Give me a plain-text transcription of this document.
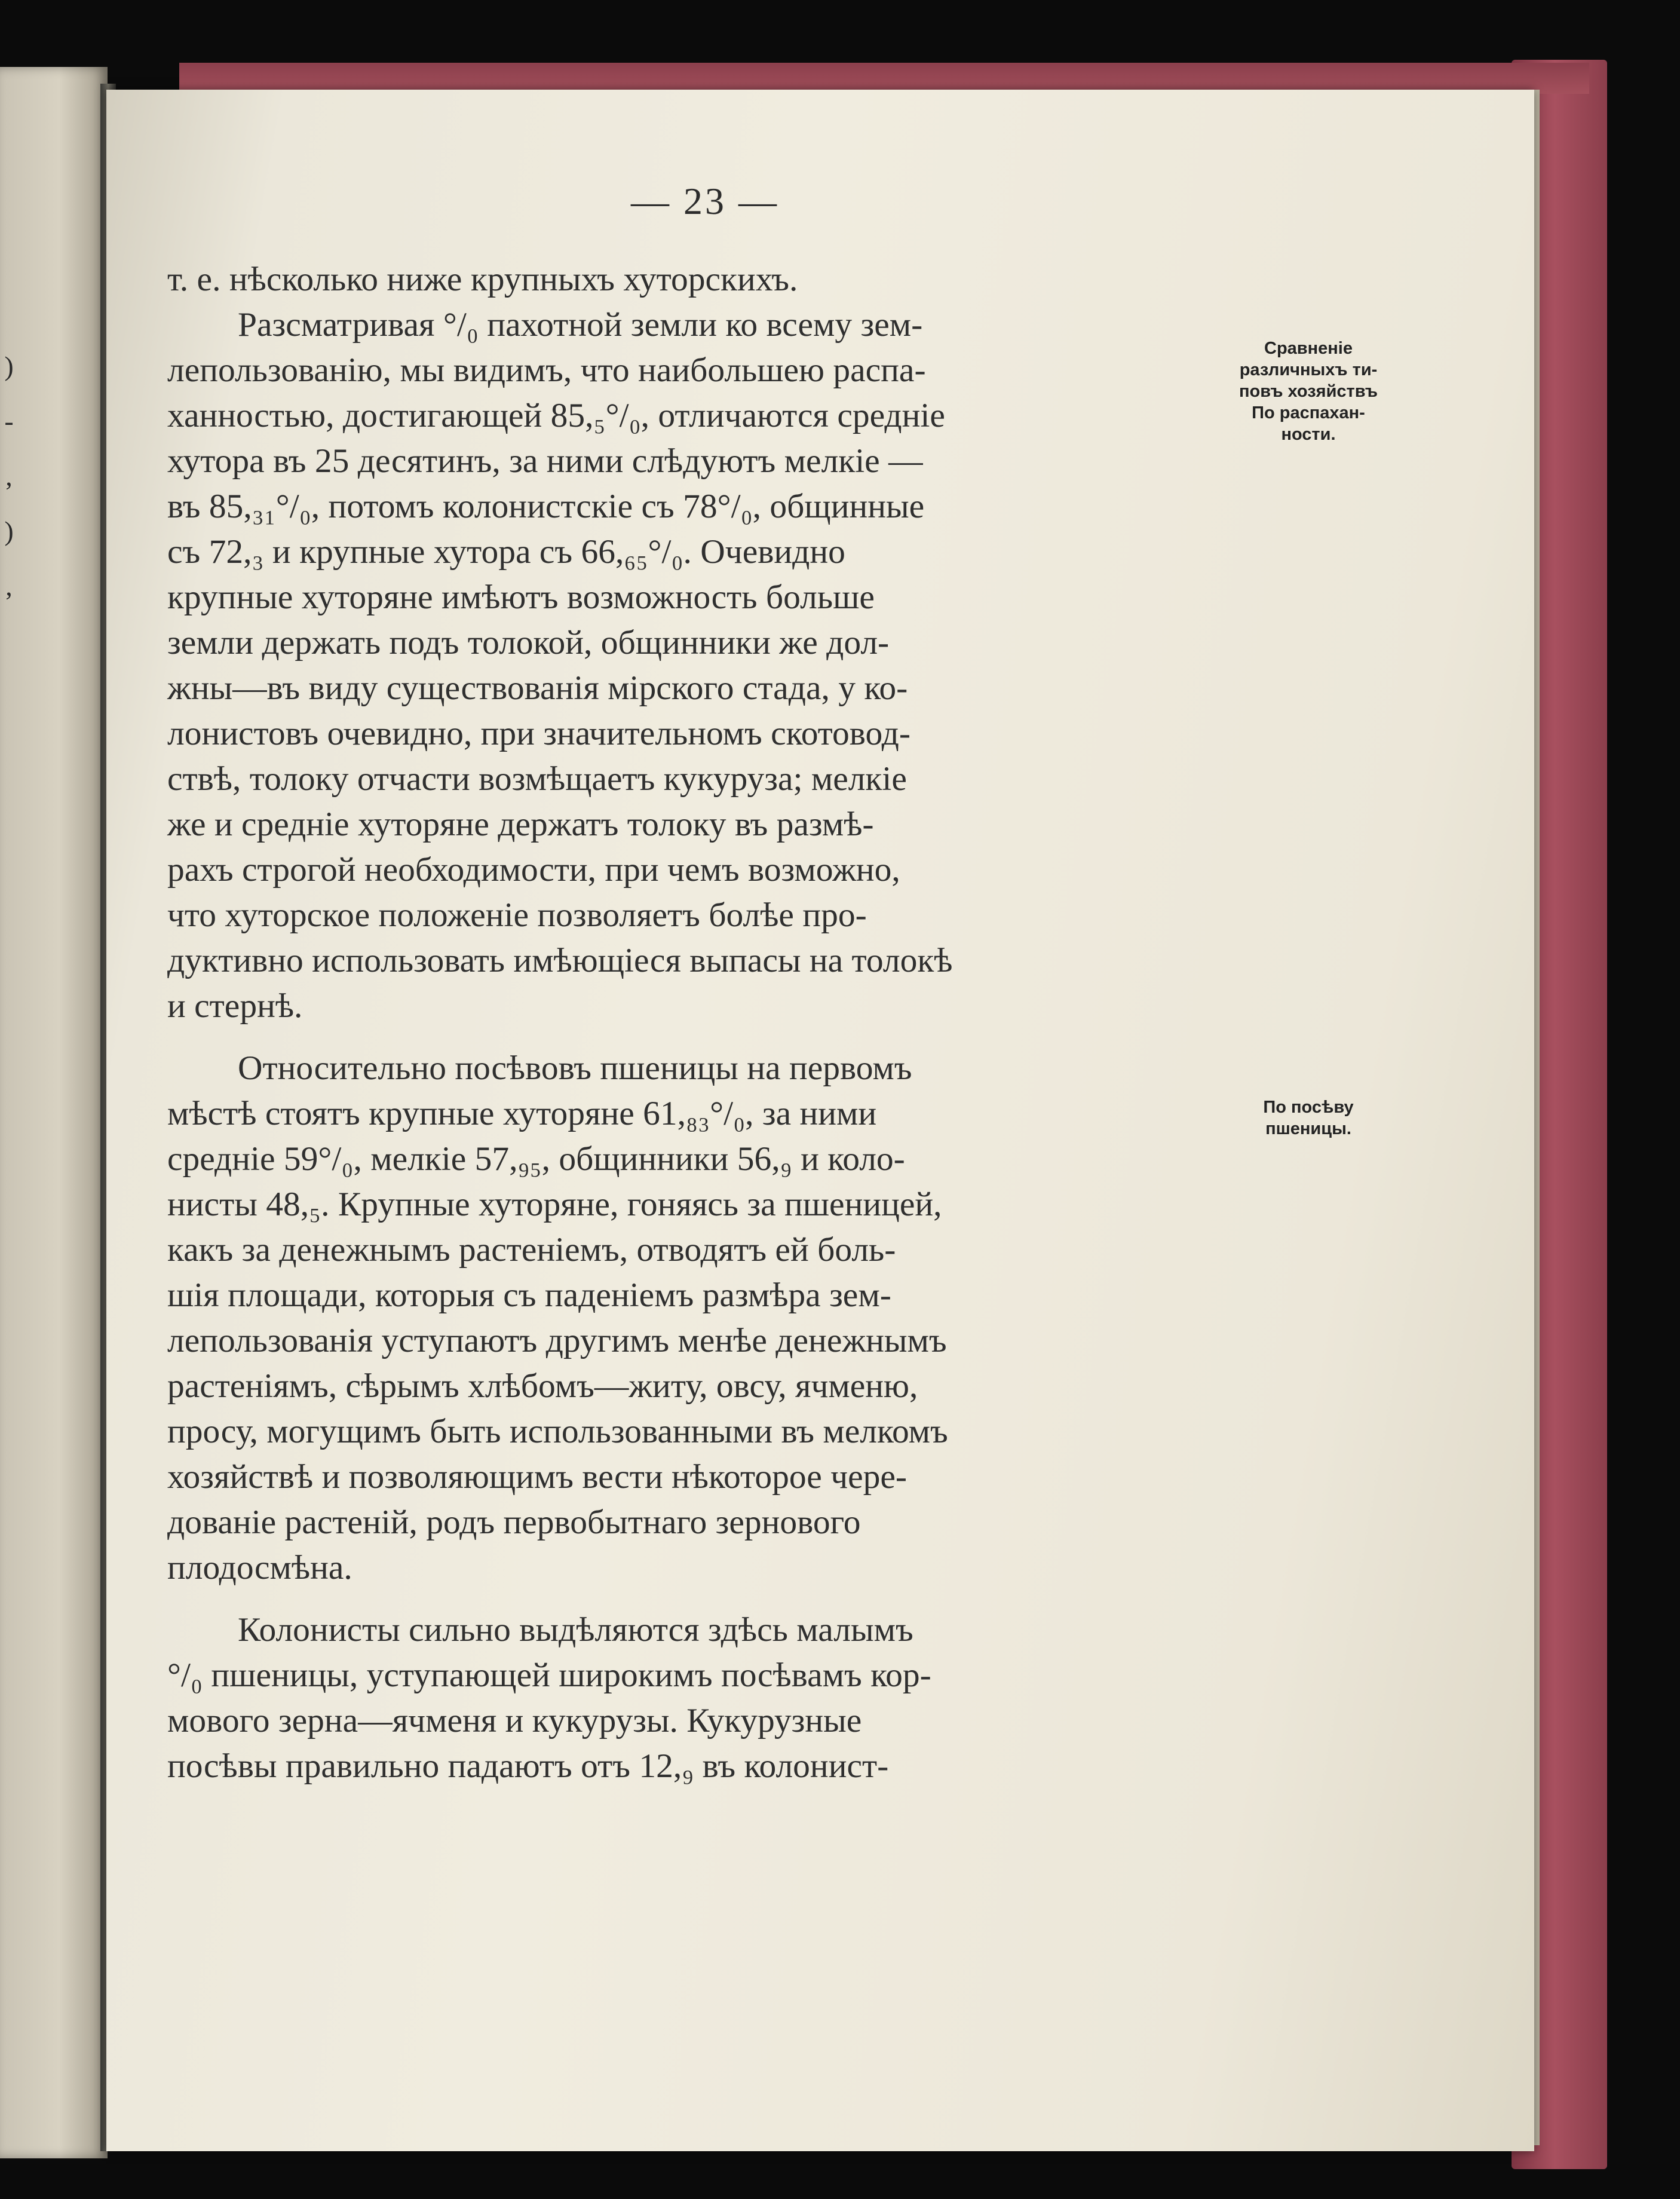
)
-
,
)
,
— 23 —
т. е. нѣсколько ниже крупныхъ хуторскихъ.
Разсматривая °/₀ пахотной земли ко всему зем-
лепользованію, мы видимъ, что наибольшею распа-
ханностью, достигающей 85,₅°/₀, отличаются средніе
хутора въ 25 десятинъ, за ними слѣдуютъ мелкіе —
въ 85,₃₁°/₀, потомъ колонистскіе съ 78°/₀, общинные
съ 72,₃ и крупные хутора съ 66,₆₅°/₀. Очевидно
крупные хуторяне имѣютъ возможность больше
земли держать подъ толокой, общинники же дол-
жны—въ виду существованія мірского стада, у ко-
лонистовъ очевидно, при значительномъ скотовод-
ствѣ, толоку отчасти возмѣщаетъ кукуруза; мелкіе
же и средніе хуторяне держатъ толоку въ размѣ-
рахъ строгой необходимости, при чемъ возможно,
что хуторское положеніе позволяетъ болѣе про-
дуктивно использовать имѣющіеся выпасы на толокѣ
и стернѣ.
Относительно посѣвовъ пшеницы на первомъ
мѣстѣ стоятъ крупные хуторяне 61,₈₃°/₀, за ними
средніе 59°/₀, мелкіе 57,₉₅, общинники 56,₉ и коло-
нисты 48,₅. Крупные хуторяне, гоняясь за пшеницей,
какъ за денежнымъ растеніемъ, отводятъ ей боль-
шія площади, которыя съ паденіемъ размѣра зем-
лепользованія уступаютъ другимъ менѣе денежнымъ
растеніямъ, сѣрымъ хлѣбомъ—житу, овсу, ячменю,
просу, могущимъ быть использованными въ мелкомъ
хозяйствѣ и позволяющимъ вести нѣкоторое чере-
дованіе растеній, родъ первобытнаго зернового
плодосмѣна.
Колонисты сильно выдѣляются здѣсь малымъ
°/₀ пшеницы, уступающей широкимъ посѣвамъ кор-
мового зерна—ячменя и кукурузы. Кукурузные
посѣвы правильно падаютъ отъ 12,₉ въ колонист-
Сравненіе
различныхъ ти-
повъ хозяйствъ
По распахан-
ности.
По посѣву
пшеницы.
